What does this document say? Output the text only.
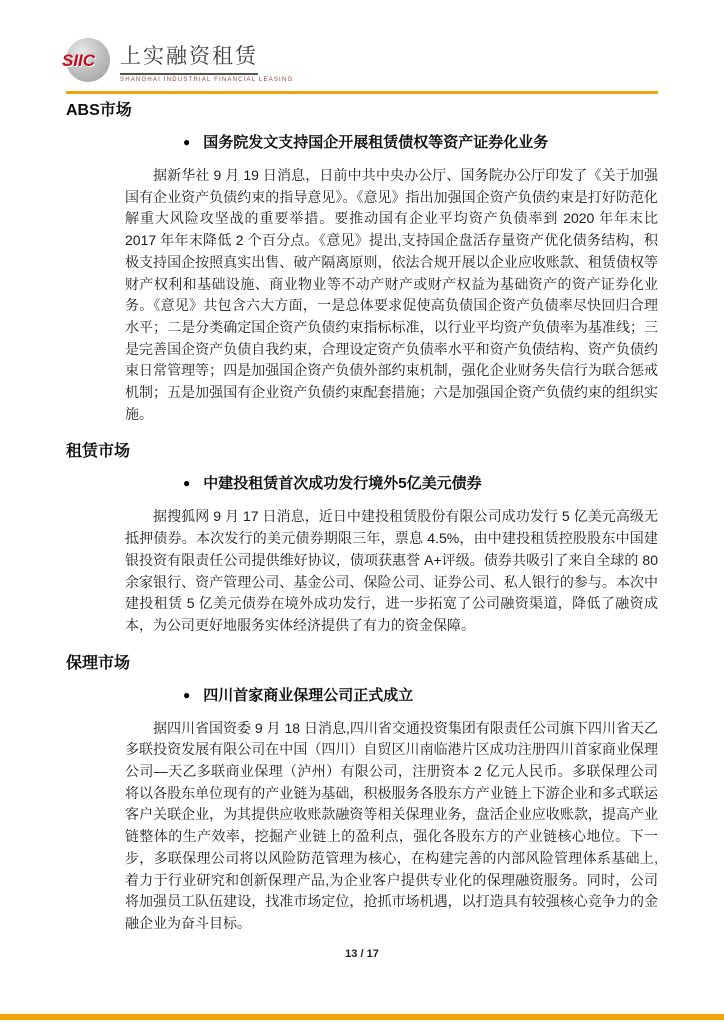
SIIC 上实融资租赁
SHANGHAI INDUSTRIAL FINANCIAL LEASING
ABS市场
● 国务院发文支持国企开展租赁债权等资产证券化业务

据新华社 9 月 19 日消息，日前中共中央办公厅、国务院办公厅印发了《关于加强国有企业资产负债约束的指导意见》。《意见》指出加强国企资产负债约束是打好防范化解重大风险攻坚战的重要举措。要推动国有企业平均资产负债率到 2020 年年末比 2017 年年末降低 2 个百分点。《意见》提出,支持国企盘活存量资产优化债务结构，积极支持国企按照真实出售、破产隔离原则，依法合规开展以企业应收账款、租赁债权等财产权利和基础设施、商业物业等不动产财产或财产权益为基础资产的资产证券化业务。《意见》共包含六大方面，一是总体要求促使高负债国企资产负债率尽快回归合理水平；二是分类确定国企资产负债约束指标标准，以行业平均资产负债率为基准线；三是完善国企资产负债自我约束，合理设定资产负债率水平和资产负债结构、资产负债约束日常管理等；四是加强国企资产负债外部约束机制，强化企业财务失信行为联合惩戒机制；五是加强国有企业资产负债约束配套措施；六是加强国企资产负债约束的组织实施。

租赁市场
● 中建投租赁首次成功发行境外5亿美元债券

据搜狐网 9 月 17 日消息，近日中建投租赁股份有限公司成功发行 5 亿美元高级无抵押债券。本次发行的美元债券期限三年，票息 4.5%，由中建投租赁控股股东中国建银投资有限责任公司提供维好协议，债项获惠誉 A+评级。债券共吸引了来自全球的 80 余家银行、资产管理公司、基金公司、保险公司、证券公司、私人银行的参与。本次中建投租赁 5 亿美元债券在境外成功发行，进一步拓宽了公司融资渠道，降低了融资成本，为公司更好地服务实体经济提供了有力的资金保障。

保理市场
● 四川首家商业保理公司正式成立

据四川省国资委 9 月 18 日消息,四川省交通投资集团有限责任公司旗下四川省天乙多联投资发展有限公司在中国（四川）自贸区川南临港片区成功注册四川首家商业保理公司—天乙多联商业保理（泸州）有限公司，注册资本 2 亿元人民币。多联保理公司将以各股东单位现有的产业链为基础，积极服务各股东方产业链上下游企业和多式联运客户关联企业，为其提供应收账款融资等相关保理业务，盘活企业应收账款，提高产业链整体的生产效率，挖掘产业链上的盈利点，强化各股东方的产业链核心地位。下一步，多联保理公司将以风险防范管理为核心，在构建完善的内部风险管理体系基础上,着力于行业研究和创新保理产品,为企业客户提供专业化的保理融资服务。同时，公司将加强员工队伍建设，找准市场定位，抢抓市场机遇，以打造具有较强核心竞争力的金融企业为奋斗目标。

13 / 17
